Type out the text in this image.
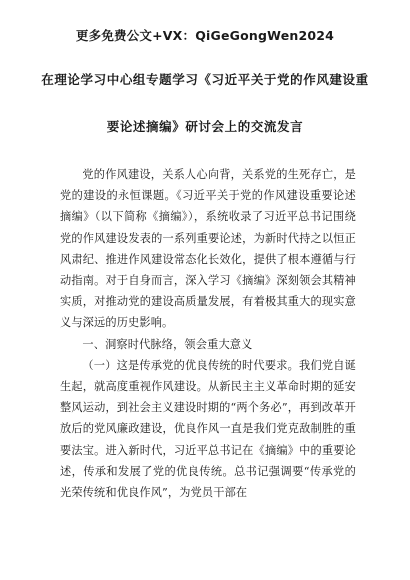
更多免费公文+VX：QiGeGongWen2024
在理论学习中心组专题学习《习近平关于党的作风建设重
要论述摘编》研讨会上的交流发言

党的作风建设，关系人心向背，关系党的生死存亡，是党的建设的永恒课题。《习近平关于党的作风建设重要论述摘编》（以下简称《摘编》），系统收录了习近平总书记围绕党的作风建设发表的一系列重要论述，为新时代持之以恒正风肃纪、推进作风建设常态化长效化，提供了根本遵循与行动指南。对于自身而言，深入学习《摘编》深刻领会其精神实质，对推动党的建设高质量发展，有着极其重大的现实意义与深远的历史影响。

一、洞察时代脉络，领会重大意义

（一）这是传承党的优良传统的时代要求。我们党自诞生起，就高度重视作风建设。从新民主主义革命时期的延安整风运动，到社会主义建设时期的“两个务必”，再到改革开放后的党风廉政建设，优良作风一直是我们党克敌制胜的重要法宝。进入新时代，习近平总书记在《摘编》中的重要论述，传承和发展了党的优良传统。总书记强调要“传承党的光荣传统和优良作风”，为党员干部在
